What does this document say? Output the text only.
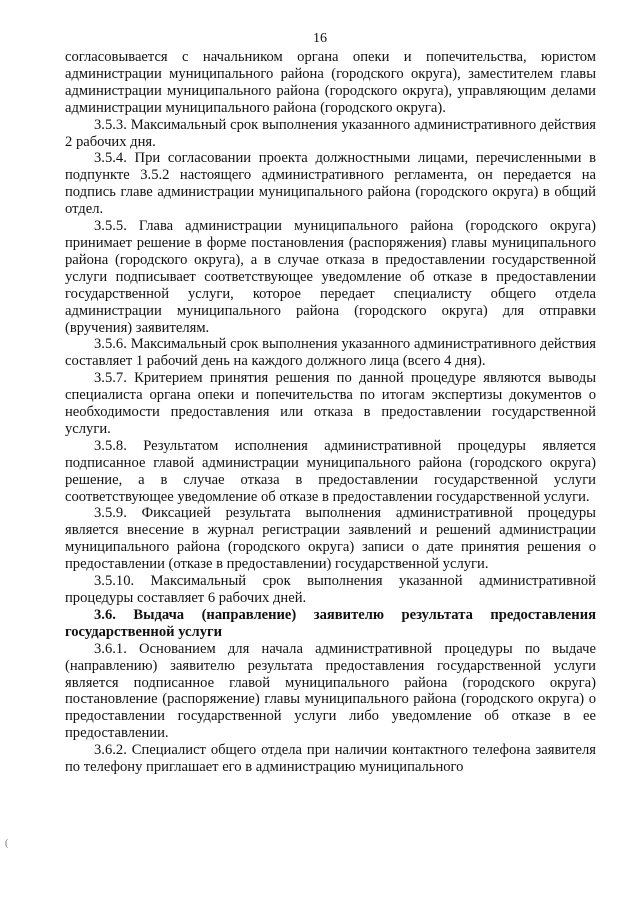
16

согласовывается с начальником органа опеки и попечительства, юристом администрации муниципального района (городского округа), заместителем главы администрации муниципального района (городского округа), управляющим делами администрации муниципального района (городского округа).

3.5.3. Максимальный срок выполнения указанного административного действия 2 рабочих дня.

3.5.4. При согласовании проекта должностными лицами, перечисленными в подпункте 3.5.2 настоящего административного регламента, он передается на подпись главе администрации муниципального района (городского округа) в общий отдел.

3.5.5. Глава администрации муниципального района (городского округа) принимает решение в форме постановления (распоряжения) главы муниципального района (городского округа), а в случае отказа в предоставлении государственной услуги подписывает соответствующее уведомление об отказе в предоставлении государственной услуги, которое передает специалисту общего отдела администрации муниципального района (городского округа) для отправки (вручения) заявителям.

3.5.6. Максимальный срок выполнения указанного административного действия составляет 1 рабочий день на каждого должного лица (всего 4 дня).

3.5.7. Критерием принятия решения по данной процедуре являются выводы специалиста органа опеки и попечительства по итогам экспертизы документов о необходимости предоставления или отказа в предоставлении государственной услуги.

3.5.8. Результатом исполнения административной процедуры является подписанное главой администрации муниципального района (городского округа) решение, а в случае отказа в предоставлении государственной услуги соответствующее уведомление об отказе в предоставлении государственной услуги.

3.5.9. Фиксацией результата выполнения административной процедуры является внесение в журнал регистрации заявлений и решений администрации муниципального района (городского округа) записи о дате принятия решения о предоставлении (отказе в предоставлении) государственной услуги.

3.5.10. Максимальный срок выполнения указанной административной процедуры составляет 6 рабочих дней.

3.6. Выдача (направление) заявителю результата предоставления государственной услуги

3.6.1. Основанием для начала административной процедуры по выдаче (направлению) заявителю результата предоставления государственной услуги является подписанное главой муниципального района (городского округа) постановление (распоряжение) главы муниципального района (городского округа) о предоставлении государственной услуги либо уведомление об отказе в ее предоставлении.

3.6.2. Специалист общего отдела при наличии контактного телефона заявителя по телефону приглашает его в администрацию муниципального

(
